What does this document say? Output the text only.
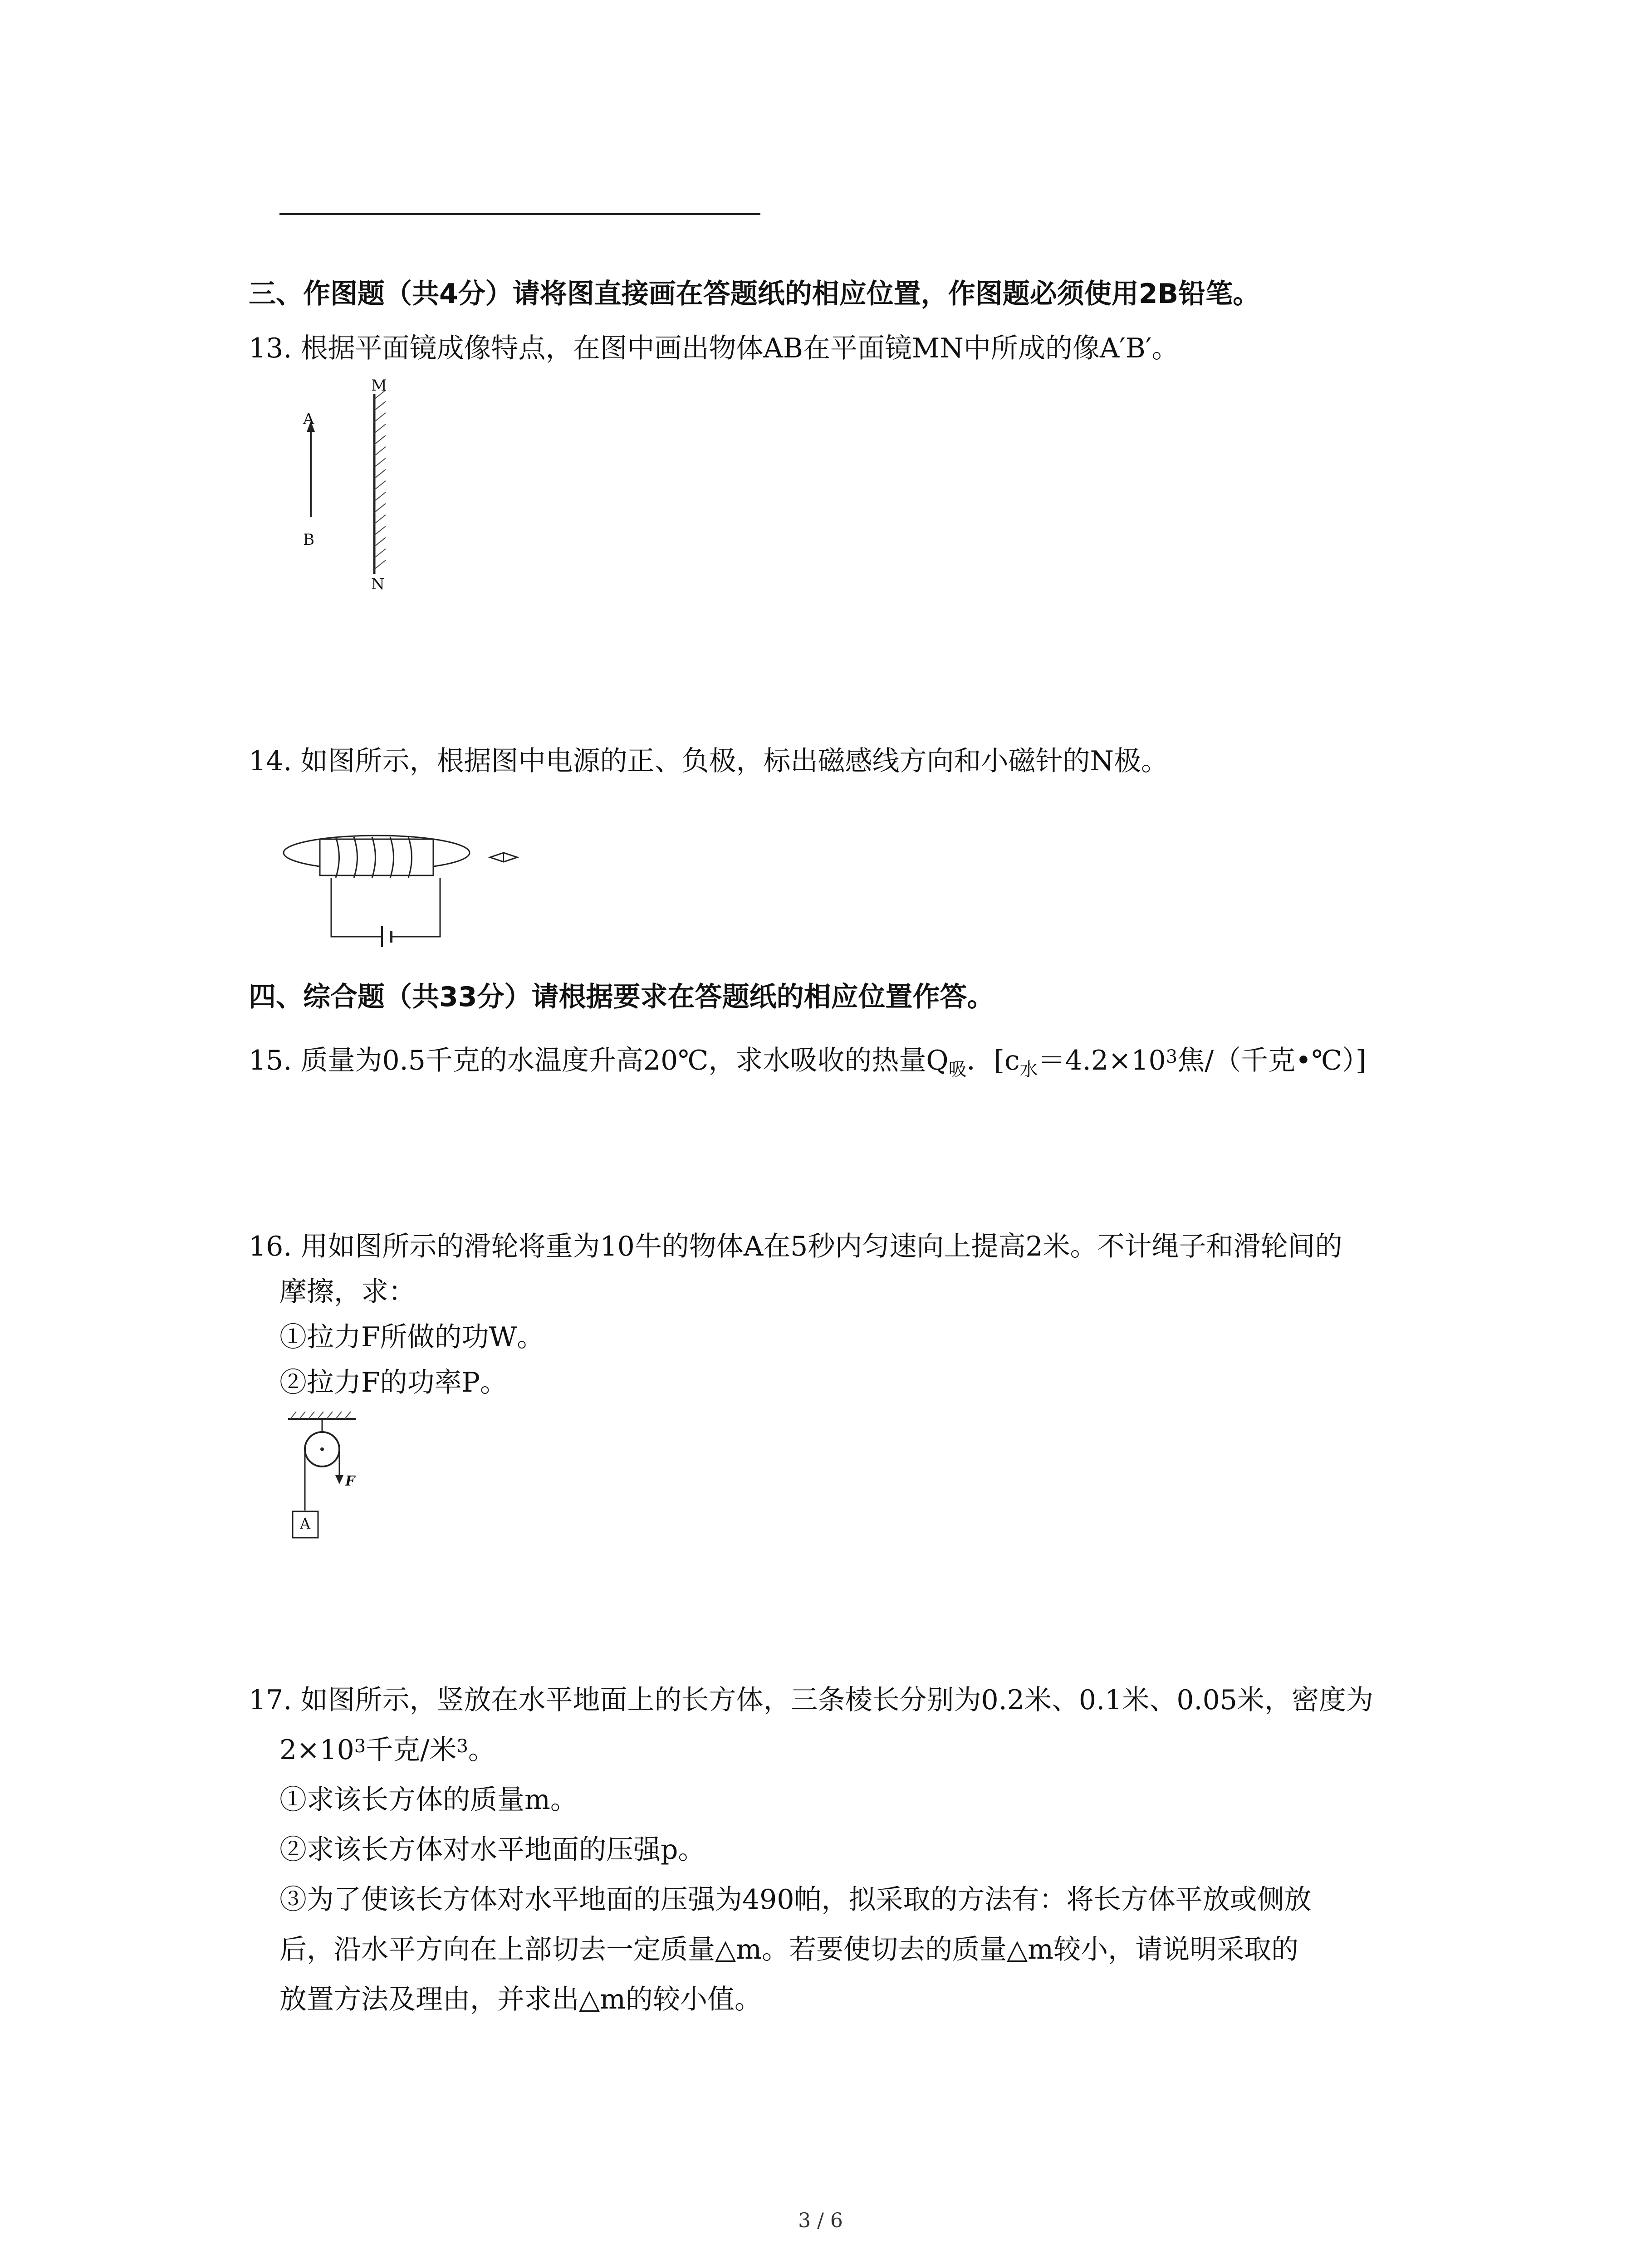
三、作图题（共4分）请将图直接画在答题纸的相应位置，作图题必须使用2B铅笔。
13. 根据平面镜成像特点，在图中画出物体AB在平面镜MN中所成的像A′B′。
A
B
M
N
14. 如图所示，根据图中电源的正、负极，标出磁感线方向和小磁针的N极。
四、综合题（共33分）请根据要求在答题纸的相应位置作答。
15. 质量为0.5千克的水温度升高20℃，求水吸收的热量$Q_吸$．[$c_水=4.2\times 10^3$焦/（千克•℃）]
16. 用如图所示的滑轮将重为10牛的物体A在5秒内匀速向上提高2米。不计绳子和滑轮间的
摩擦，求：
①拉力F所做的功W。
②拉力F的功率P。
F
A
17. 如图所示，竖放在水平地面上的长方体，三条棱长分别为0.2米、0.1米、0.05米，密度为
$2\times 10^3$千克/米$^3$。
①求该长方体的质量m。
②求该长方体对水平地面的压强p。
③为了使该长方体对水平地面的压强为490帕，拟采取的方法有：将长方体平放或侧放
后，沿水平方向在上部切去一定质量△m。若要使切去的质量△m较小，请说明采取的
放置方法及理由，并求出△m的较小值。
3 / 6
